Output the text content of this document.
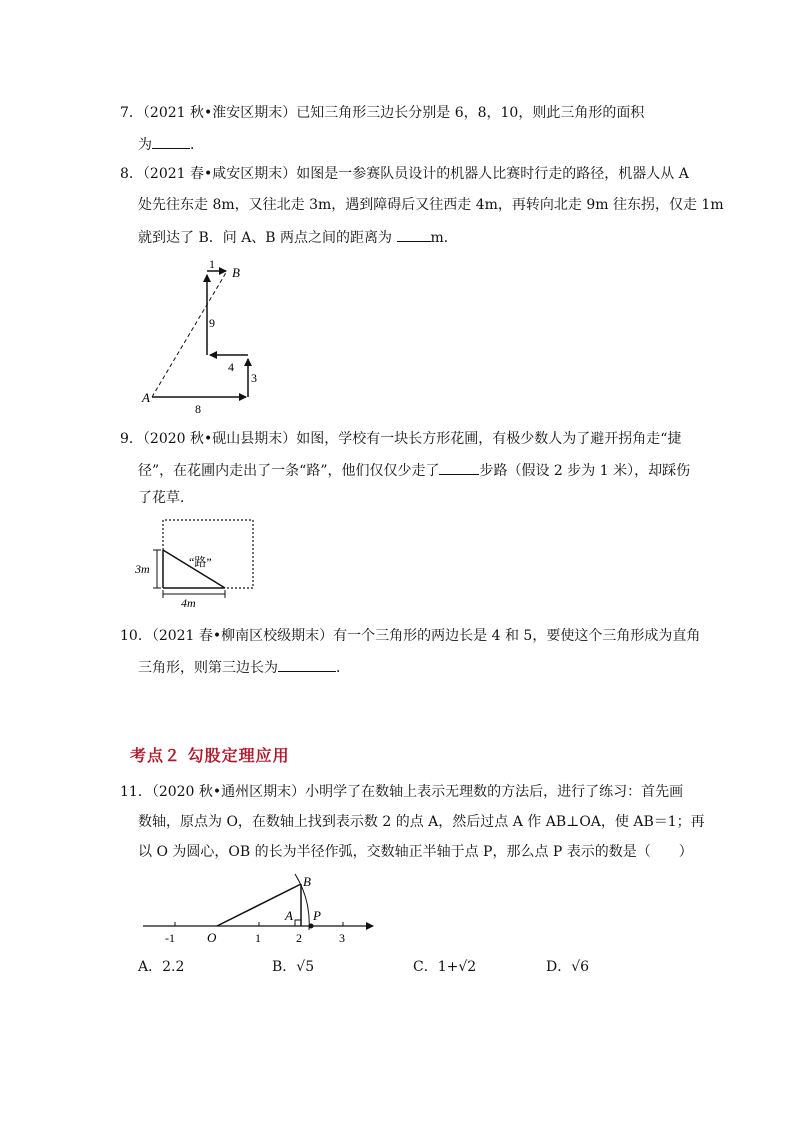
7．（2021 秋•淮安区期末）已知三角形三边长分别是 6，8，10，则此三角形的面积
为	．
8．（2021 春•咸安区期末）如图是一参赛队员设计的机器人比赛时行走的路径，机器人从 A
处先往东走 8m，又往北走 3m，遇到障碍后又往西走 4m，再转向北走 9m 往东拐，仅走 1m
就到达了 B．问 A、B 两点之间的距离为 m．
A
B
1
9
4
3
8
9．（2020 秋•砚山县期末）如图，学校有一块长方形花圃，有极少数人为了避开拐角走“捷
径”，在花圃内走出了一条“路”，他们仅仅少走了	步路（假设 2 步为 1 米），却踩伤
了花草．
“路”
3m
4m
10．（2021 春•柳南区校级期末）有一个三角形的两边长是 4 和 5，要使这个三角形成为直角
三角形，则第三边长为	．
考点２ 勾股定理应用
11．（2020 秋•通州区期末）小明学了在数轴上表示无理数的方法后，进行了练习：首先画
数轴，原点为 O，在数轴上找到表示数 2 的点 A，然后过点 A 作 AB⊥OA，使 AB＝1；再
以 O 为圆心，OB 的长为半径作弧，交数轴正半轴于点 P，那么点 P 表示的数是（　　）
B
A P
O
-1	1	2	3
A．2.2	B．√5	C．1+√2	D．√6
